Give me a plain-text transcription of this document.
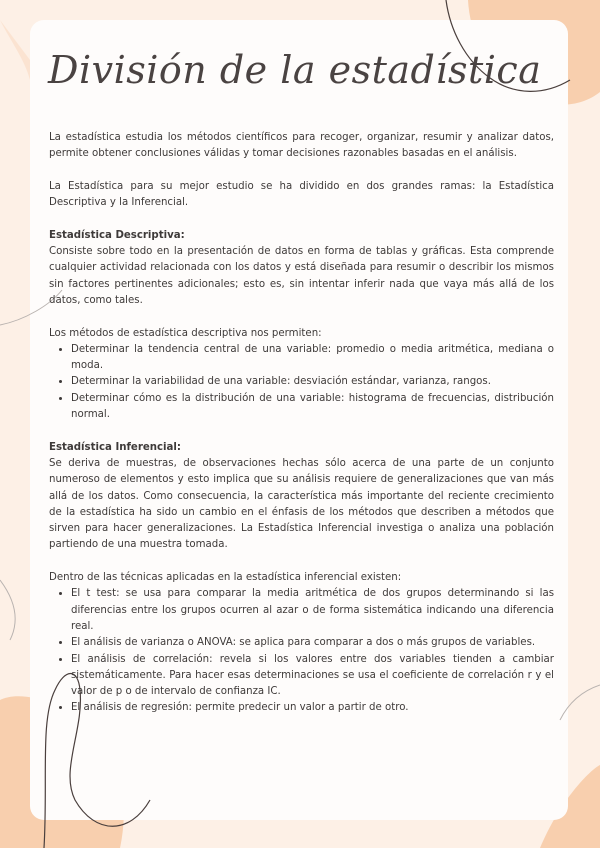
División de la estadística

La estadística estudia los métodos científicos para recoger, organizar, resumir y analizar datos, permite obtener conclusiones válidas y tomar decisiones razonables basadas en el análisis.

La Estadística para su mejor estudio se ha dividido en dos grandes ramas: la Estadística Descriptiva y la Inferencial.

Estadística Descriptiva:

Consiste sobre todo en la presentación de datos en forma de tablas y gráficas. Esta comprende cualquier actividad relacionada con los datos y está diseñada para resumir o describir los mismos sin factores pertinentes adicionales; esto es, sin intentar inferir nada que vaya más allá de los datos, como tales.

Los métodos de estadística descriptiva nos permiten:

• Determinar la tendencia central de una variable: promedio o media aritmética, mediana o moda.
• Determinar la variabilidad de una variable: desviación estándar, varianza, rangos.
• Determinar cómo es la distribución de una variable: histograma de frecuencias, distribución normal.

Estadística Inferencial:

Se deriva de muestras, de observaciones hechas sólo acerca de una parte de un conjunto numeroso de elementos y esto implica que su análisis requiere de generalizaciones que van más allá de los datos. Como consecuencia, la característica más importante del reciente crecimiento de la estadística ha sido un cambio en el énfasis de los métodos que describen a métodos que sirven para hacer generalizaciones. La Estadística Inferencial investiga o analiza una población partiendo de una muestra tomada.

Dentro de las técnicas aplicadas en la estadística inferencial existen:

• El t test: se usa para comparar la media aritmética de dos grupos determinando si las diferencias entre los grupos ocurren al azar o de forma sistemática indicando una diferencia real.
• El análisis de varianza o ANOVA: se aplica para comparar a dos o más grupos de variables.
• El análisis de correlación: revela si los valores entre dos variables tienden a cambiar sistemáticamente. Para hacer esas determinaciones se usa el coeficiente de correlación r y el valor de p o de intervalo de confianza IC.
• El análisis de regresión: permite predecir un valor a partir de otro.
